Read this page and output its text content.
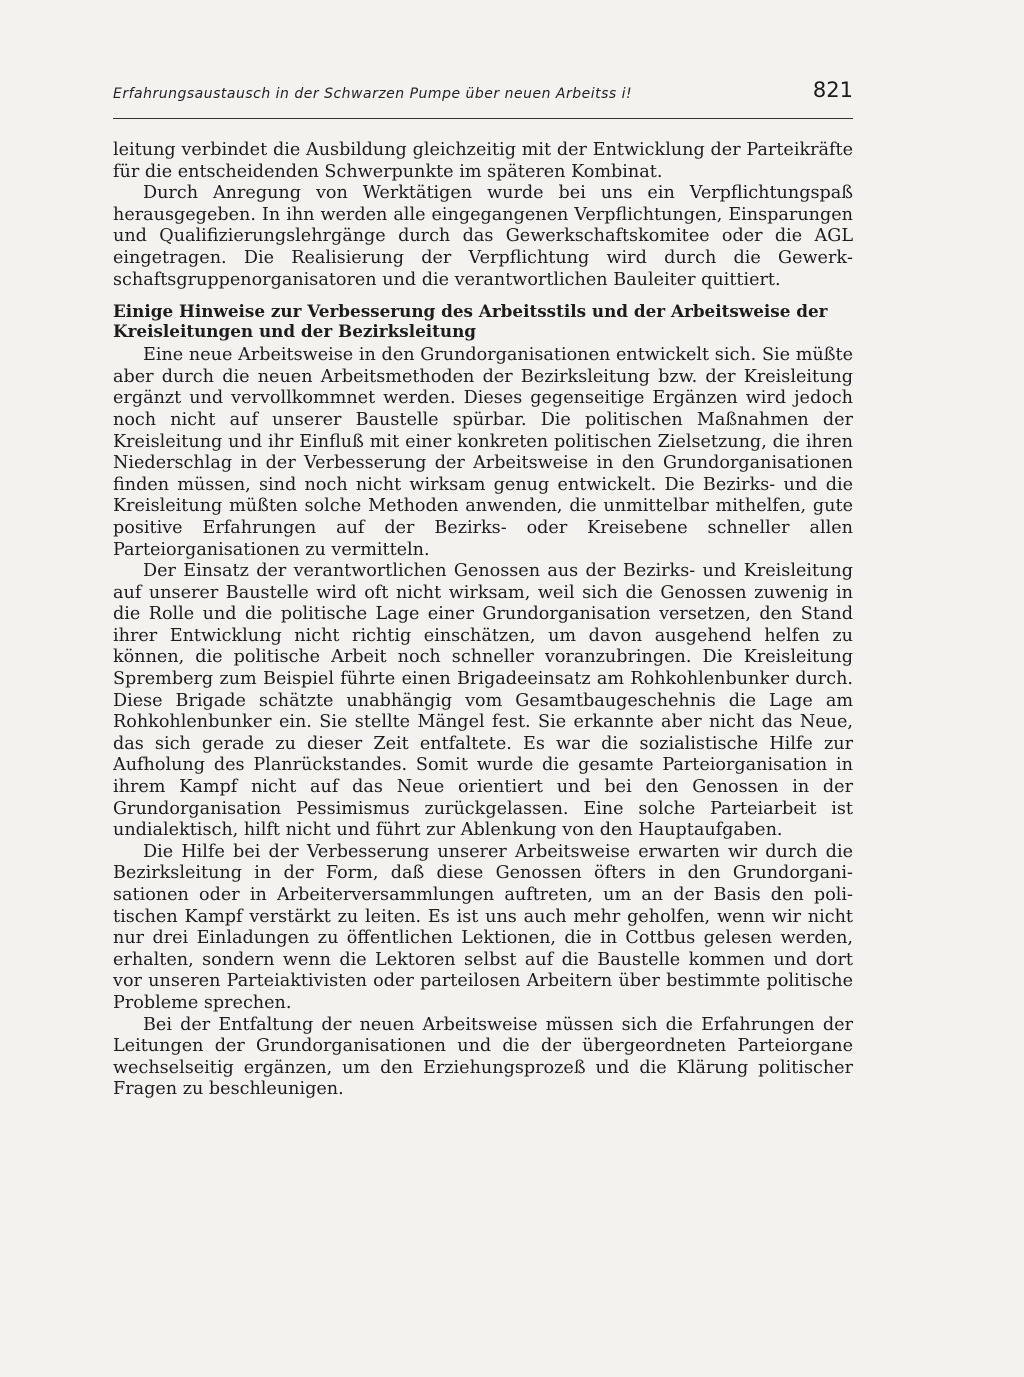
Erfahrungsaustausch in der Schwarzen Pumpe über neuen Arbeitss i!	821

leitung verbindet die Ausbildung gleichzeitig mit der Entwicklung der Parteikräfte für die entscheidenden Schwerpunkte im späteren Kombinat.

Durch Anregung von Werktätigen wurde bei uns ein Verpflichtungspaß herausgegeben. In ihn werden alle eingegangenen Verpflichtungen, Einsparungen und Qualifizierungslehrgänge durch das Gewerkschaftskomitee oder die AGL eingetragen. Die Realisierung der Verpflichtung wird durch die Gewerkschaftsgruppenorganisatoren und die verantwortlichen Bauleiter quittiert.

Einige Hinweise zur Verbesserung des Arbeitsstils und der Arbeitsweise der Kreisleitungen und der Bezirksleitung

Eine neue Arbeitsweise in den Grundorganisationen entwickelt sich. Sie müßte aber durch die neuen Arbeitsmethoden der Bezirksleitung bzw. der Kreisleitung ergänzt und vervollkommnet werden. Dieses gegenseitige Ergänzen wird jedoch noch nicht auf unserer Baustelle spürbar. Die politischen Maßnahmen der Kreisleitung und ihr Einfluß mit einer konkreten politischen Zielsetzung, die ihren Niederschlag in der Verbesserung der Arbeitsweise in den Grundorganisationen finden müssen, sind noch nicht wirksam genug entwickelt. Die Bezirks- und die Kreisleitung müßten solche Methoden anwenden, die unmittelbar mithelfen, gute positive Erfahrungen auf der Bezirks- oder Kreisebene schneller allen Parteiorganisationen zu vermitteln.

Der Einsatz der verantwortlichen Genossen aus der Bezirks- und Kreisleitung auf unserer Baustelle wird oft nicht wirksam, weil sich die Genossen zuwenig in die Rolle und die politische Lage einer Grundorganisation versetzen, den Stand ihrer Entwicklung nicht richtig einschätzen, um davon ausgehend helfen zu können, die politische Arbeit noch schneller voranzubringen. Die Kreisleitung Spremberg zum Beispiel führte einen Brigadeeinsatz am Rohkohlenbunker durch. Diese Brigade schätzte unabhängig vom Gesamtbaugeschehnis die Lage am Rohkohlenbunker ein. Sie stellte Mängel fest. Sie erkannte aber nicht das Neue, das sich gerade zu dieser Zeit entfaltete. Es war die sozialistische Hilfe zur Aufholung des Planrückstandes. Somit wurde die gesamte Parteiorganisation in ihrem Kampf nicht auf das Neue orientiert und bei den Genossen in der Grundorganisation Pessimismus zurückgelassen. Eine solche Parteiarbeit ist undialektisch, hilft nicht und führt zur Ablenkung von den Hauptaufgaben.

Die Hilfe bei der Verbesserung unserer Arbeitsweise erwarten wir durch die Bezirksleitung in der Form, daß diese Genossen öfters in den Grundorganisationen oder in Arbeiterversammlungen auftreten, um an der Basis den politischen Kampf verstärkt zu leiten. Es ist uns auch mehr geholfen, wenn wir nicht nur drei Einladungen zu öffentlichen Lektionen, die in Cottbus gelesen werden, erhalten, sondern wenn die Lektoren selbst auf die Baustelle kommen und dort vor unseren Parteiaktivisten oder parteilosen Arbeitern über bestimmte politische Probleme sprechen.

Bei der Entfaltung der neuen Arbeitsweise müssen sich die Erfahrungen der Leitungen der Grundorganisationen und die der übergeordneten Parteiorgane wechselseitig ergänzen, um den Erziehungsprozeß und die Klärung politischer Fragen zu beschleunigen.
